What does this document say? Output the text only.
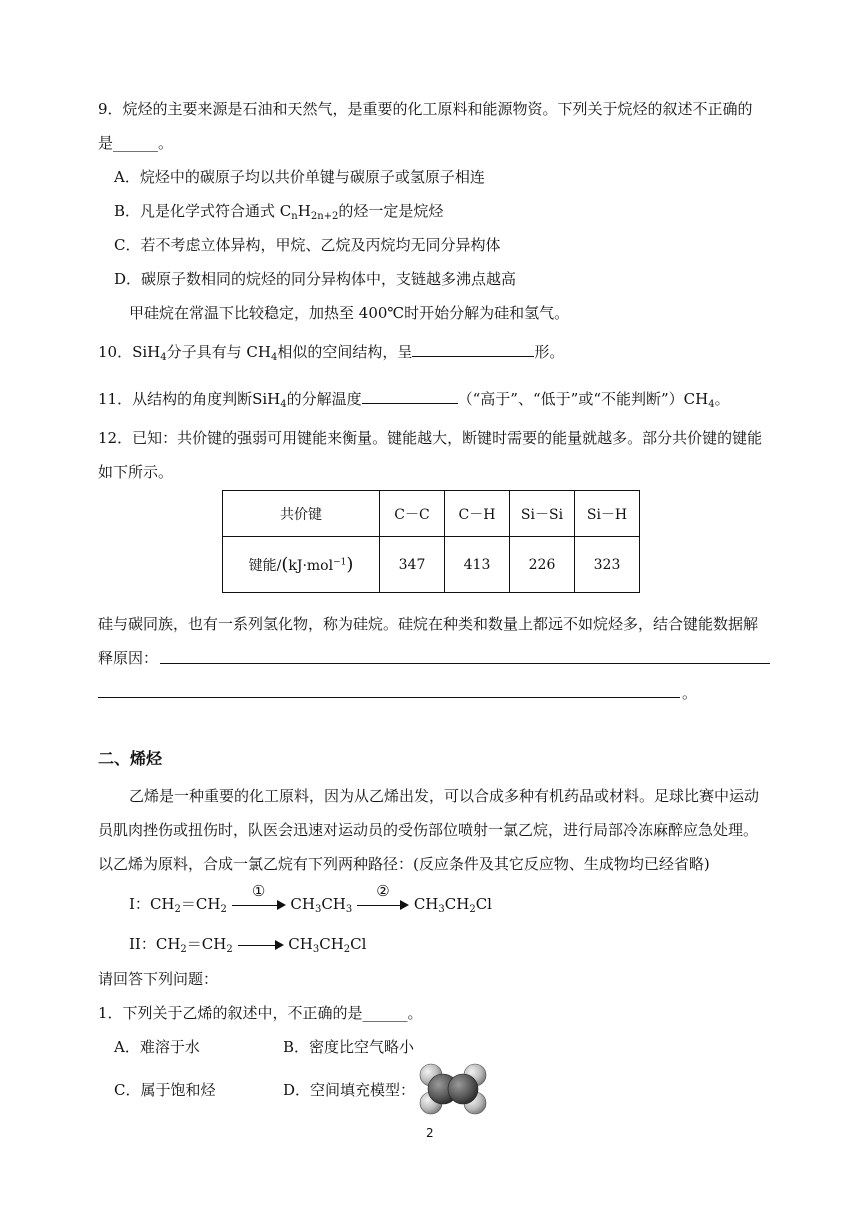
9．烷烃的主要来源是石油和天然气，是重要的化工原料和能源物资。下列关于烷烃的叙述不正确的
是______。
A．烷烃中的碳原子均以共价单键与碳原子或氢原子相连
B．凡是化学式符合通式 $C_nH_{2n+2}$的烃一定是烷烃
C．若不考虑立体异构，甲烷、乙烷及丙烷均无同分异构体
D．碳原子数相同的烷烃的同分异构体中，支链越多沸点越高
甲硅烷在常温下比较稳定，加热至 400℃时开始分解为硅和氢气。
10．SiH$_4$分子具有与 $CH_4$相似的空间结构，呈	形。
11．从结构的角度判断SiH$_4$的分解温度	（“高于”、“低于”或“不能判断$”)CH_4$。
12．已知：共价键的强弱可用键能来衡量。键能越大，断键时需要的能量就越多。部分共价键的键能
如下所示。
共价键	C－C	C－H	Si－Si	Si－H
键能/(kJ·mol$^{-1}$)	347	413	226	323
硅与碳同族，也有一系列氢化物，称为硅烷。硅烷在种类和数量上都远不如烷烃多，结合键能数据解
释原因：
。
二、烯烃
乙烯是一种重要的化工原料，因为从乙烯出发，可以合成多种有机药品或材料。足球比赛中运动
员肌肉挫伤或扭伤时，队医会迅速对运动员的受伤部位喷射一氯乙烷，进行局部冷冻麻醉应急处理。
以乙烯为原料，合成一氯乙烷有下列两种路径：(反应条件及其它反应物、生成物均已经省略)
I：$CH_2=CH_2$
①
$CH_3CH_3$
②
$CH_3CH_2Cl$
II：$CH_2=CH_2$	$CH_3CH_2Cl$
请回答下列问题：
1．下列关于乙烯的叙述中，不正确的是______。
A．难溶于水	B．密度比空气略小
C．属于饱和烃	D．空间填充模型：
2
